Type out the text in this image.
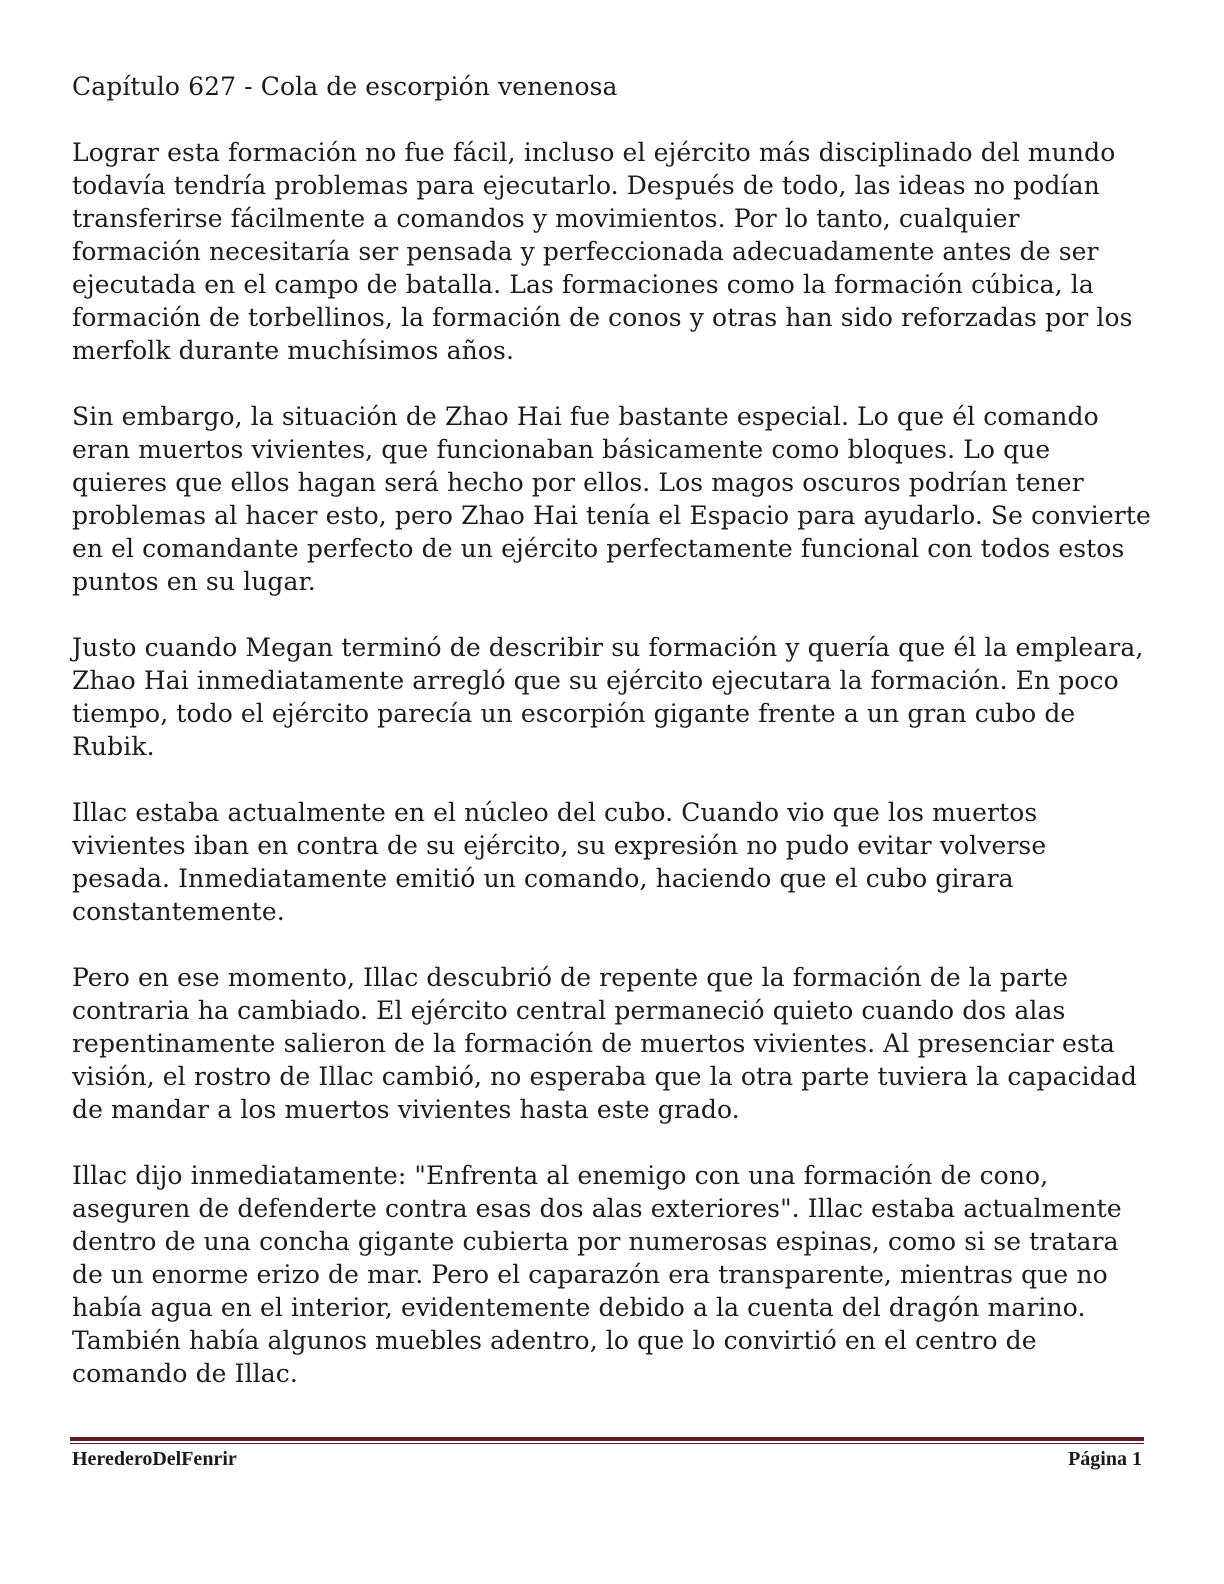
Capítulo 627 - Cola de escorpión venenosa

Lograr esta formación no fue fácil, incluso el ejército más disciplinado del mundo todavía tendría problemas para ejecutarlo. Después de todo, las ideas no podían transferirse fácilmente a comandos y movimientos. Por lo tanto, cualquier formación necesitaría ser pensada y perfeccionada adecuadamente antes de ser ejecutada en el campo de batalla. Las formaciones como la formación cúbica, la formación de torbellinos, la formación de conos y otras han sido reforzadas por los merfolk durante muchísimos años.

Sin embargo, la situación de Zhao Hai fue bastante especial. Lo que él comando eran muertos vivientes, que funcionaban básicamente como bloques. Lo que quieres que ellos hagan será hecho por ellos. Los magos oscuros podrían tener problemas al hacer esto, pero Zhao Hai tenía el Espacio para ayudarlo. Se convierte en el comandante perfecto de un ejército perfectamente funcional con todos estos puntos en su lugar.

Justo cuando Megan terminó de describir su formación y quería que él la empleara, Zhao Hai inmediatamente arregló que su ejército ejecutara la formación. En poco tiempo, todo el ejército parecía un escorpión gigante frente a un gran cubo de Rubik.

Illac estaba actualmente en el núcleo del cubo. Cuando vio que los muertos vivientes iban en contra de su ejército, su expresión no pudo evitar volverse pesada. Inmediatamente emitió un comando, haciendo que el cubo girara constantemente.

Pero en ese momento, Illac descubrió de repente que la formación de la parte contraria ha cambiado. El ejército central permaneció quieto cuando dos alas repentinamente salieron de la formación de muertos vivientes. Al presenciar esta visión, el rostro de Illac cambió, no esperaba que la otra parte tuviera la capacidad de mandar a los muertos vivientes hasta este grado.

Illac dijo inmediatamente: "Enfrenta al enemigo con una formación de cono, aseguren de defenderte contra esas dos alas exteriores". Illac estaba actualmente dentro de una concha gigante cubierta por numerosas espinas, como si se tratara de un enorme erizo de mar. Pero el caparazón era transparente, mientras que no había agua en el interior, evidentemente debido a la cuenta del dragón marino. También había algunos muebles adentro, lo que lo convirtió en el centro de comando de Illac.

HerederoDelFenrir	Página 1
